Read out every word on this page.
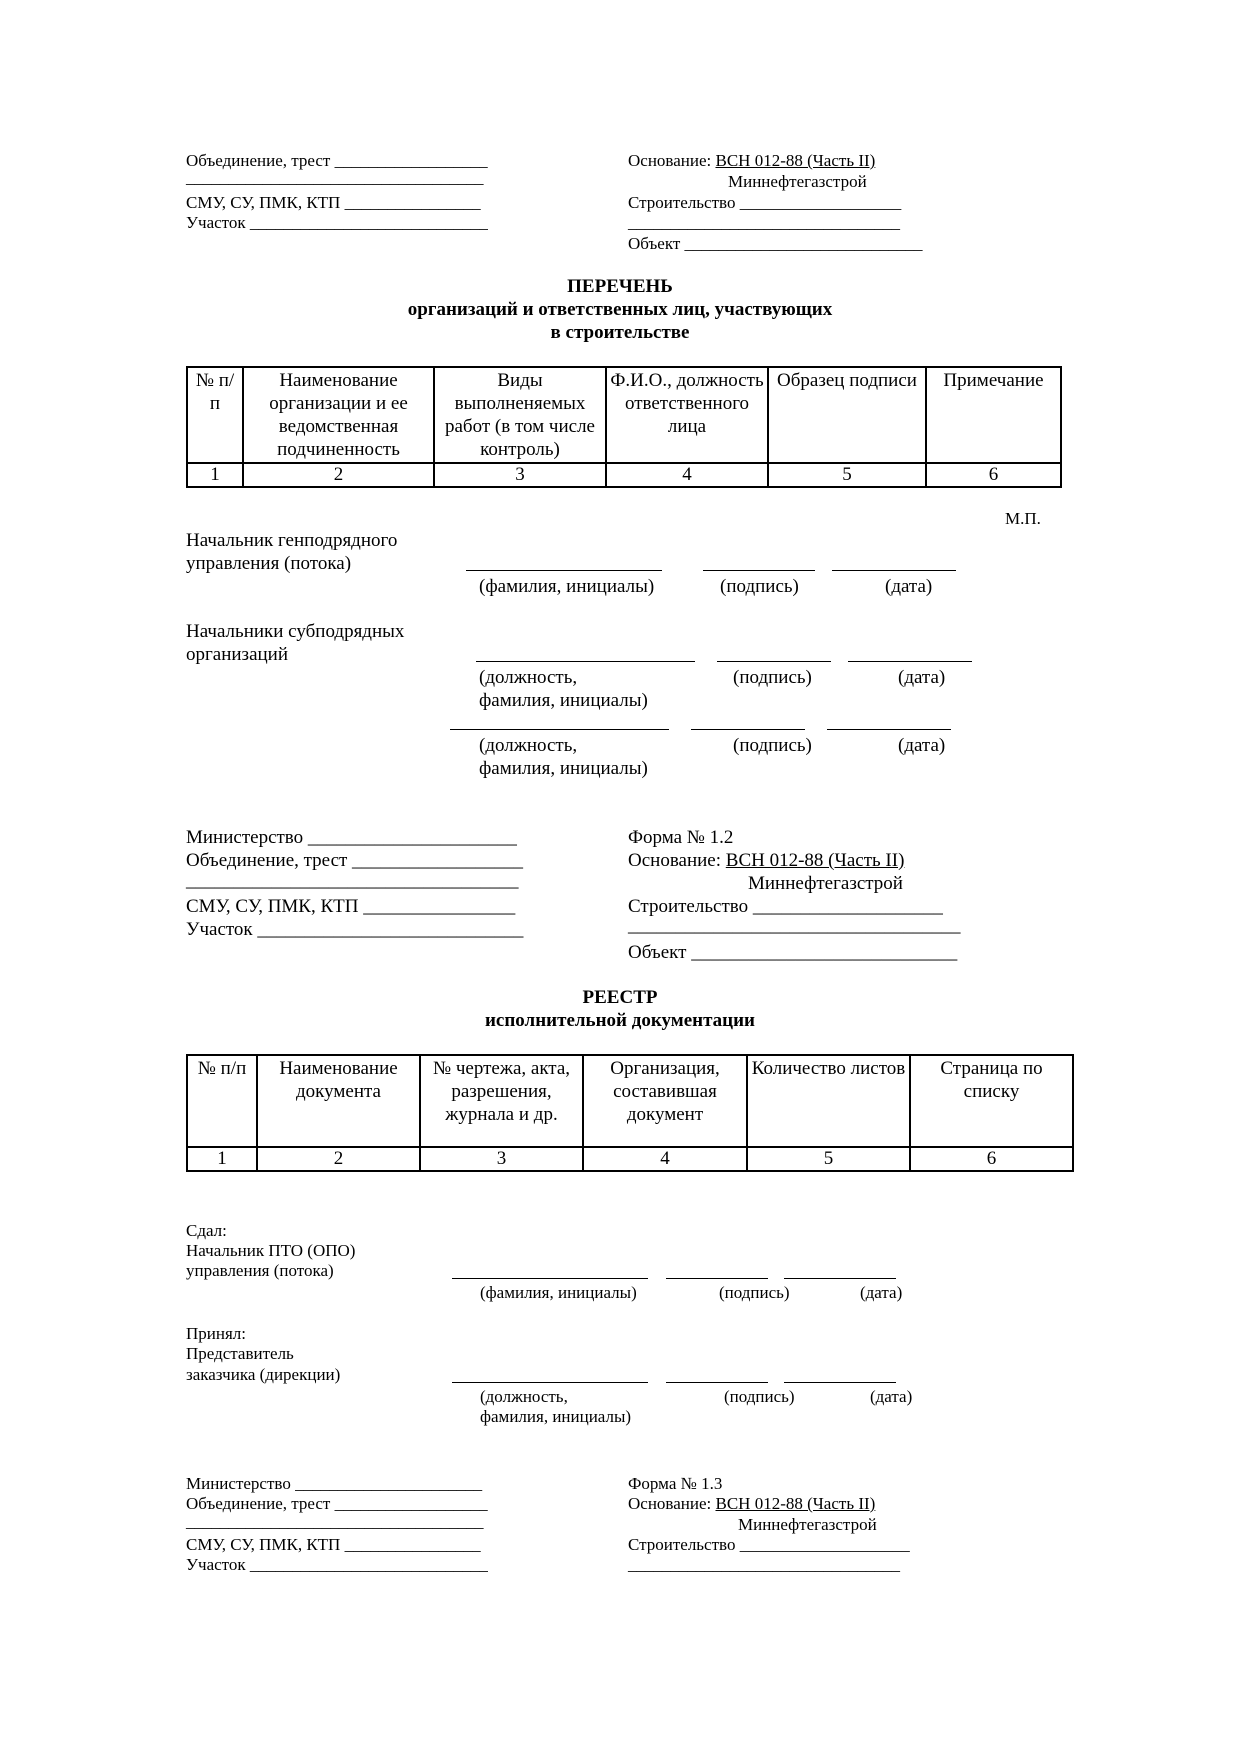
Объединение, трест __________________
___________________________________
СМУ, СУ, ПМК, КТП ________________
Участок ____________________________
Основание: ВСН 012-88 (Часть II)
Миннефтегазстрой
Строительство ___________________
________________________________
Объект ____________________________
ПЕРЕЧЕНЬ
организаций и ответственных лиц, участвующих
в строительстве
№ п/п	Наименование организации и ее ведомственная подчиненность	Виды выполненяемых работ (в том числе контроль)	Ф.И.О., должность ответственного лица	Образец подписи	Примечание
1	2	3	4	5	6
М.П.
Начальник генподрядного
управления (потока)
(фамилия, инициалы)	(подпись)	(дата)
Начальники субподрядных
организаций
(должность,
фамилия, инициалы)
(подпись)	(дата)
(должность,
фамилия, инициалы)
(подпись)	(дата)
Министерство ______________________
Объединение, трест __________________
___________________________________
СМУ, СУ, ПМК, КТП ________________
Участок ____________________________
Форма № 1.2
Основание: ВСН 012-88 (Часть II)
Миннефтегазстрой
Строительство ____________________
___________________________________
Объект ____________________________
РЕЕСТР
исполнительной документации
№ п/п	Наименование документа	№ чертежа, акта, разрешения, журнала и др.	Организация, составившая документ	Количество листов	Страница по списку
1	2	3	4	5	6
Сдал:
Начальник ПТО (ОПО)
управления (потока)
(фамилия, инициалы)	(подпись)	(дата)
Принял:
Представитель
заказчика (дирекции)
(должность,
фамилия, инициалы)
(подпись)	(дата)
Министерство ______________________
Объединение, трест __________________
___________________________________
СМУ, СУ, ПМК, КТП ________________
Участок ____________________________
Форма № 1.3
Основание: ВСН 012-88 (Часть II)
Миннефтегазстрой
Строительство ____________________
________________________________
